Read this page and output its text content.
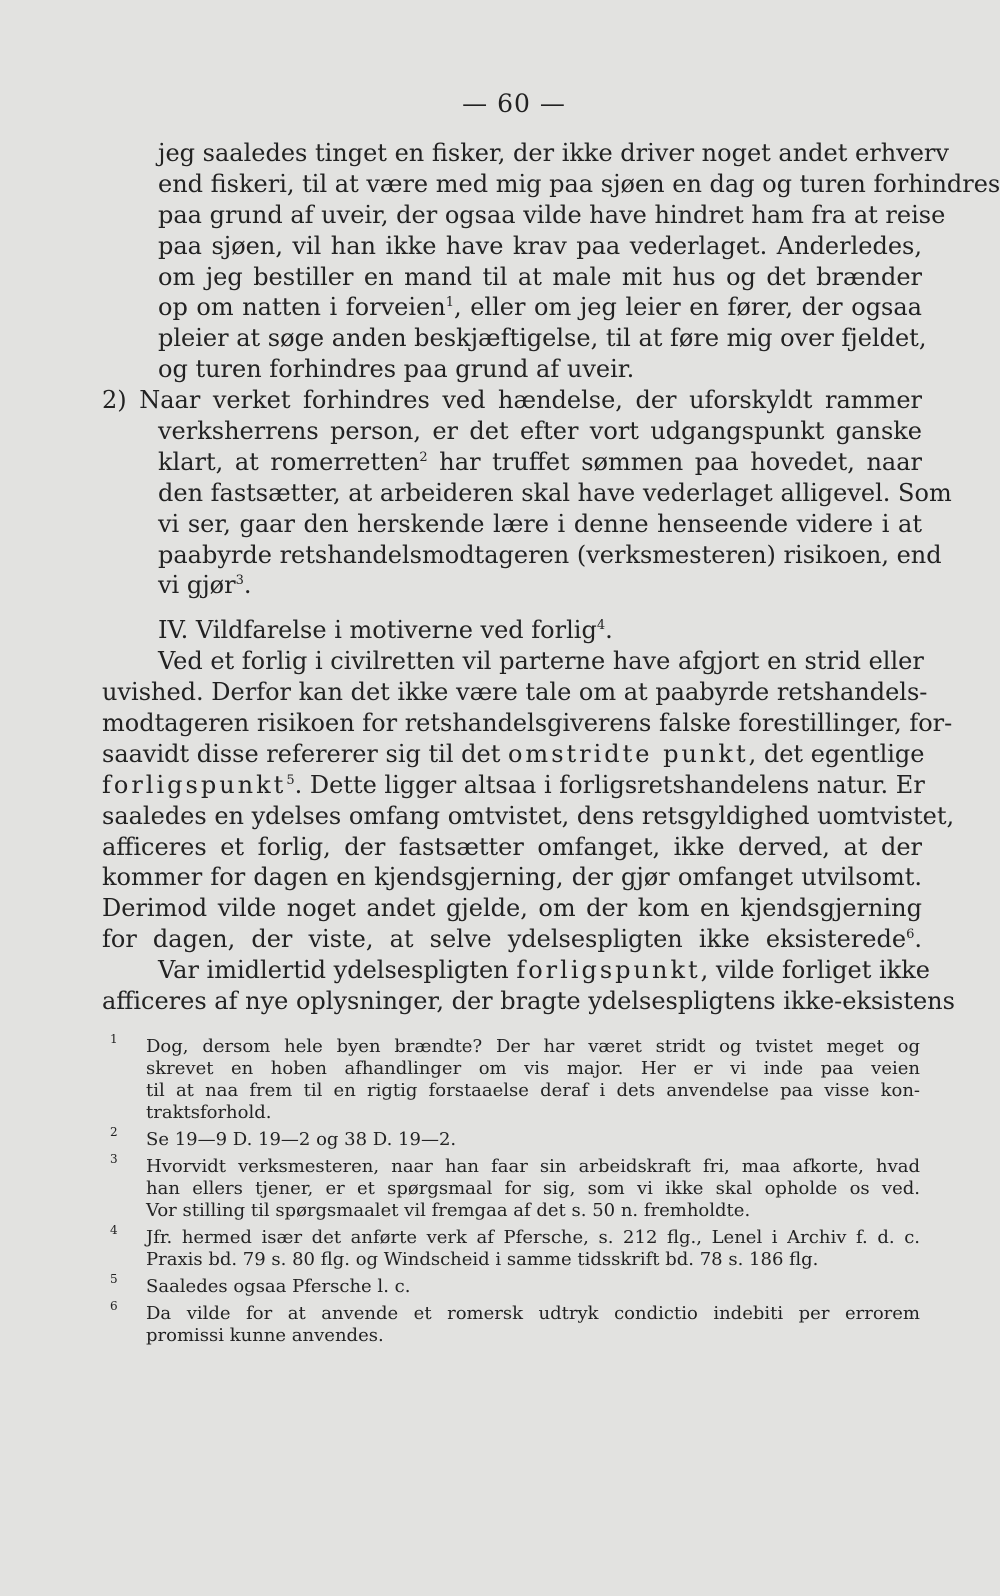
— 60 —
jeg saaledes tinget en fisker, der ikke driver noget andet erhverv
end fiskeri, til at være med mig paa sjøen en dag og turen forhindres
paa grund af uveir, der ogsaa vilde have hindret ham fra at reise
paa sjøen, vil han ikke have krav paa vederlaget. Anderledes,
om jeg bestiller en mand til at male mit hus og det brænder
op om natten i forveien$^1$, eller om jeg leier en fører, der ogsaa
pleier at søge anden beskjæftigelse, til at føre mig over fjeldet,
og turen forhindres paa grund af uveir.
2) Naar verket forhindres ved hændelse, der uforskyldt rammer
verksherrens person, er det efter vort udgangspunkt ganske
klart, at romerretten$^2$ har truffet sømmen paa hovedet, naar
den fastsætter, at arbeideren skal have vederlaget alligevel. Som
vi ser, gaar den herskende lære i denne henseende videre i at
paabyrde retshandelsmodtageren (verksmesteren) risikoen, end
vi gjør$^3$.
IV. Vildfarelse i motiverne ved forlig$^4$.
Ved et forlig i civilretten vil parterne have afgjort en strid eller
uvished. Derfor kan det ikke være tale om at paabyrde retshandels-
modtageren risikoen for retshandelsgiverens falske forestillinger, for-
saavidt disse refererer sig til det omstridte punkt, det egentlige
forligspunkt$^5$. Dette ligger altsaa i forligsretshandelens natur. Er
saaledes en ydelses omfang omtvistet, dens retsgyldighed uomtvistet,
afficeres et forlig, der fastsætter omfanget, ikke derved, at der
kommer for dagen en kjendsgjerning, der gjør omfanget utvilsomt.
Derimod vilde noget andet gjelde, om der kom en kjendsgjerning
for dagen, der viste, at selve ydelsespligten ikke eksisterede$^6$.
Var imidlertid ydelsespligten forligspunkt, vilde forliget ikke
afficeres af nye oplysninger, der bragte ydelsespligtens ikke-eksistens
1 Dog, dersom hele byen brændte? Der har været stridt og tvistet meget og
skrevet en hoben afhandlinger om vis major. Her er vi inde paa veien
til at naa frem til en rigtig forstaaelse deraf i dets anvendelse paa visse kon-
traktsforhold.
2 Se 19—9 D. 19—2 og 38 D. 19—2.
3 Hvorvidt verksmesteren, naar han faar sin arbeidskraft fri, maa afkorte, hvad
han ellers tjener, er et spørgsmaal for sig, som vi ikke skal opholde os ved.
Vor stilling til spørgsmaalet vil fremgaa af det s. 50 n. fremholdte.
4 Jfr. hermed især det anførte verk af Pfersche, s. 212 flg., Lenel i Archiv f. d. c.
Praxis bd. 79 s. 80 flg. og Windscheid i samme tidsskrift bd. 78 s. 186 flg.
5 Saaledes ogsaa Pfersche l. c.
6 Da vilde for at anvende et romersk udtryk condictio indebiti per errorem
promissi kunne anvendes.
